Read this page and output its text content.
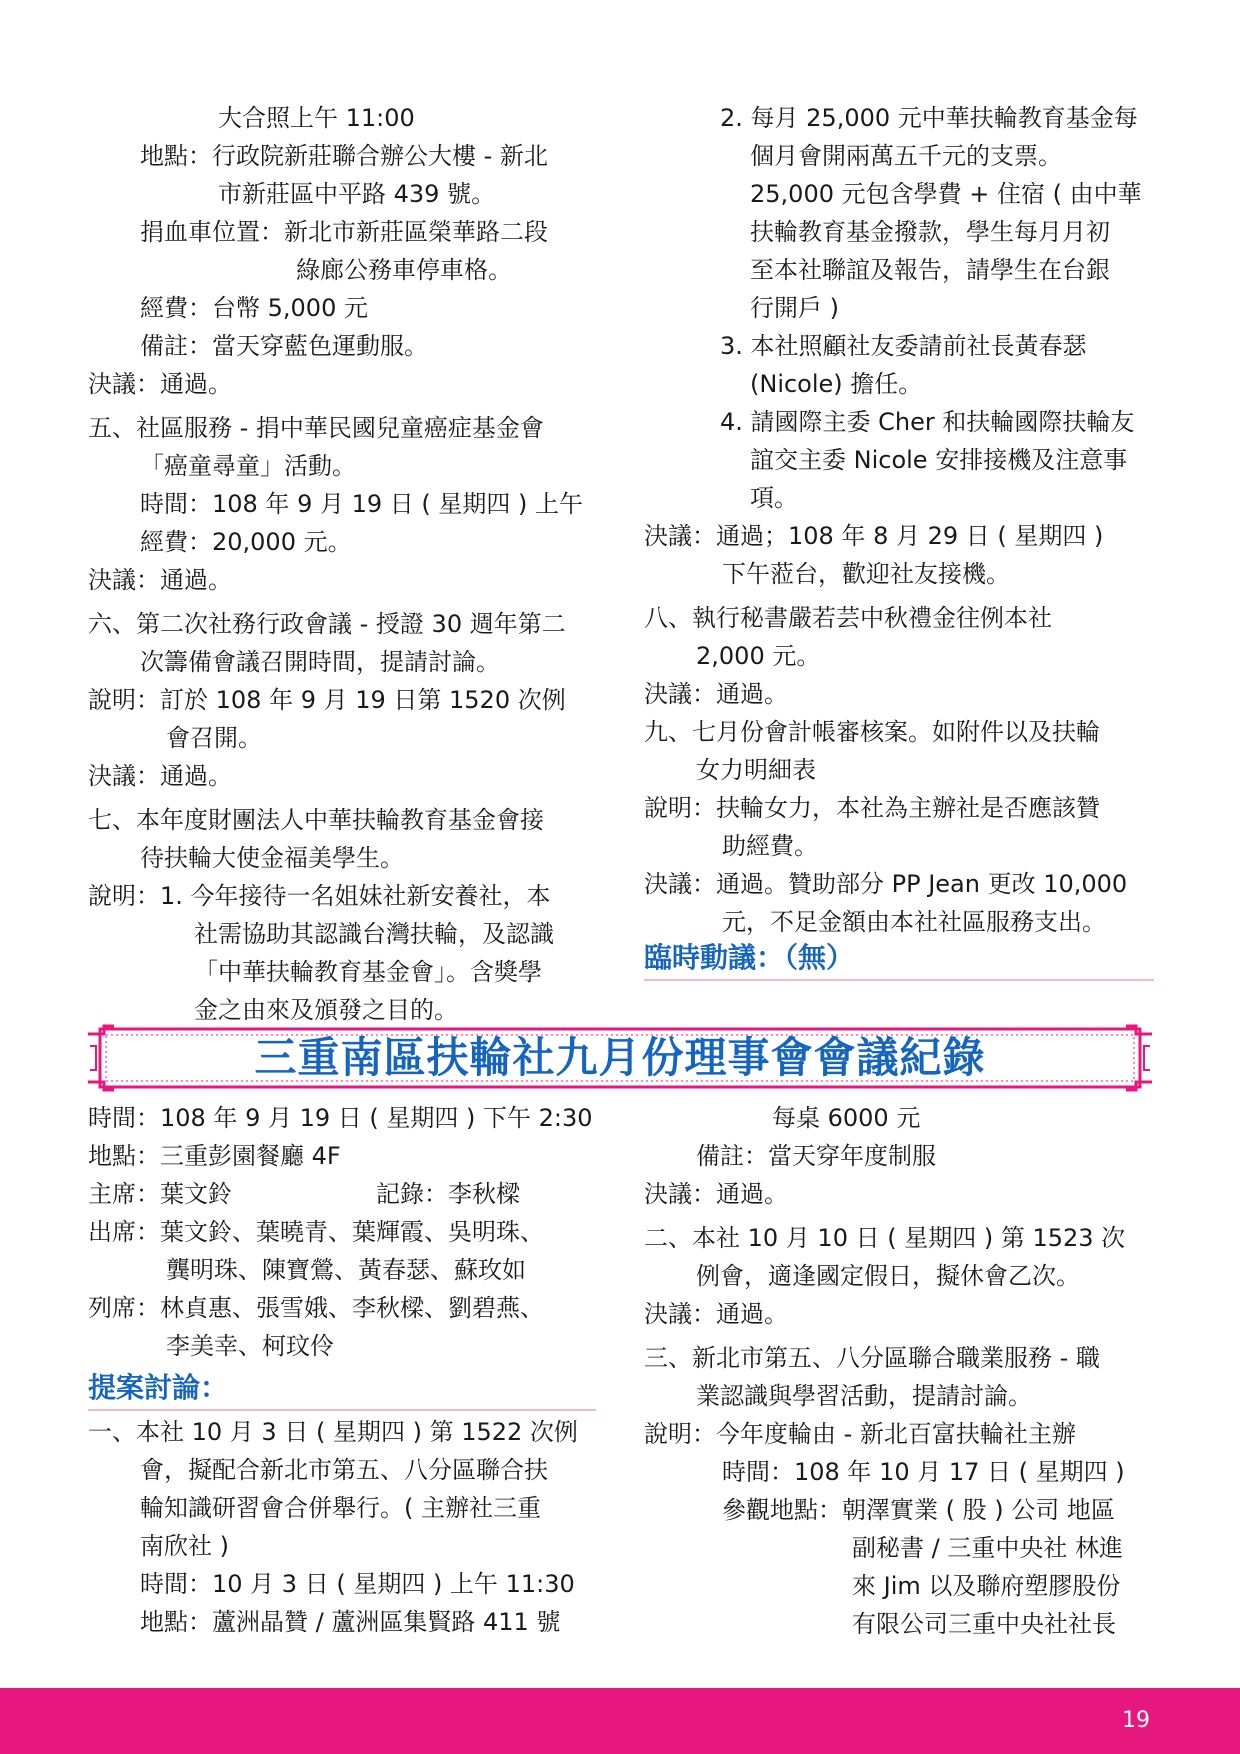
大合照上午 11:00
地點：行政院新莊聯合辦公大樓 - 新北
市新莊區中平路 439 號。
捐血車位置：新北市新莊區榮華路二段
綠廊公務車停車格。
經費：台幣 5,000 元
備註：當天穿藍色運動服。
決議：通過。
五、社區服務 - 捐中華民國兒童癌症基金會
「癌童尋童」活動。
時間：108 年 9 月 19 日 ( 星期四 ) 上午
經費：20,000 元。
決議：通過。
六、第二次社務行政會議 - 授證 30 週年第二
次籌備會議召開時間，提請討論。
說明：訂於 108 年 9 月 19 日第 1520 次例
會召開。
決議：通過。
七、本年度財團法人中華扶輪教育基金會接
待扶輪大使金福美學生。
說明：1. 今年接待一名姐妹社新安養社，本
社需協助其認識台灣扶輪，及認識
「中華扶輪教育基金會」。含獎學
金之由來及頒發之目的。
2. 每月 25,000 元中華扶輪教育基金每
個月會開兩萬五千元的支票。
25,000 元包含學費 + 住宿 ( 由中華
扶輪教育基金撥款，學生每月月初
至本社聯誼及報告，請學生在台銀
行開戶 )
3. 本社照顧社友委請前社長黃春瑟
(Nicole) 擔任。
4. 請國際主委 Cher 和扶輪國際扶輪友
誼交主委 Nicole 安排接機及注意事
項。
決議：通過；108 年 8 月 29 日 ( 星期四 )
下午蒞台，歡迎社友接機。
八、執行秘書嚴若芸中秋禮金往例本社
2,000 元。
決議：通過。
九、七月份會計帳審核案。如附件以及扶輪
女力明細表
說明：扶輪女力，本社為主辦社是否應該贊
助經費。
決議：通過。贊助部分 PP Jean 更改 10,000
元，不足金額由本社社區服務支出。
臨時動議：（無）
三重南區扶輪社九月份理事會會議紀錄
時間：108 年 9 月 19 日 ( 星期四 ) 下午 2:30
地點：三重彭園餐廳 4F
主席：葉文鈴	記錄：李秋樑
出席：葉文鈴、葉曉青、葉輝霞、吳明珠、
龔明珠、陳寶鶯、黃春瑟、蘇玫如
列席：林貞惠、張雪娥、李秋樑、劉碧燕、
李美幸、柯玟伶
提案討論：
一、本社 10 月 3 日 ( 星期四 ) 第 1522 次例
會，擬配合新北市第五、八分區聯合扶
輪知識研習會合併舉行。( 主辦社三重
南欣社 )
時間：10 月 3 日 ( 星期四 ) 上午 11:30
地點：蘆洲晶贊 / 蘆洲區集賢路 411 號
每桌 6000 元
備註：當天穿年度制服
決議：通過。
二、本社 10 月 10 日 ( 星期四 ) 第 1523 次
例會，適逢國定假日，擬休會乙次。
決議：通過。
三、新北市第五、八分區聯合職業服務 - 職
業認識與學習活動，提請討論。
說明：今年度輪由 - 新北百富扶輪社主辦
時間：108 年 10 月 17 日 ( 星期四 )
參觀地點：朝澤實業 ( 股 ) 公司 地區
副秘書 / 三重中央社 林進
來 Jim 以及聯府塑膠股份
有限公司三重中央社社長
19
